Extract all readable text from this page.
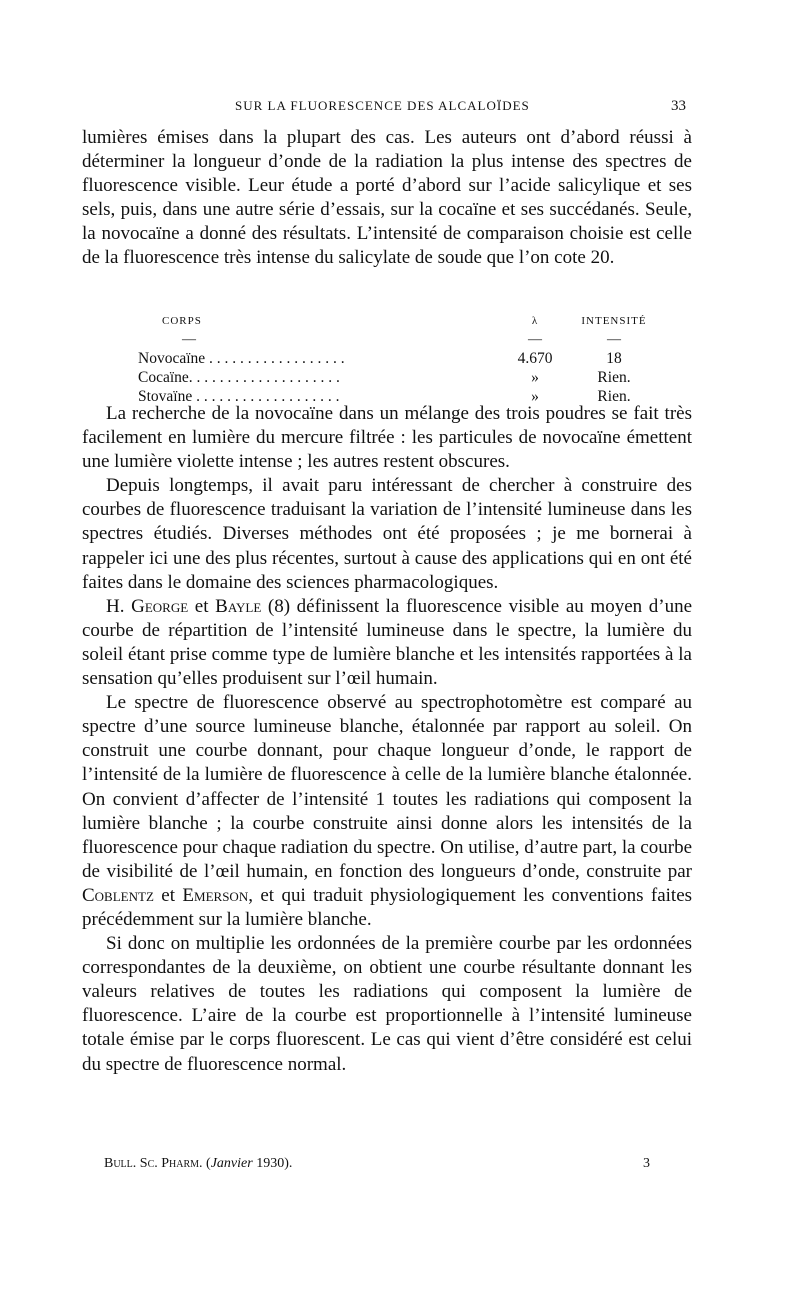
SUR LA FLUORESCENCE DES ALCALOÏDES	33

lumières émises dans la plupart des cas. Les auteurs ont d’abord réussi à déterminer la longueur d’onde de la radiation la plus intense des spectres de fluorescence visible. Leur étude a porté d’abord sur l’acide salicylique et ses sels, puis, dans une autre série d’essais, sur la cocaïne et ses succédanés. Seule, la novocaïne a donné des résultats. L’intensité de comparaison choisie est celle de la fluorescence très intense du salicylate de soude que l’on cote 20.

CORPS	λ	INTENSITÉ
—	—	—
Novocaïne . . . . . . . . . . . . . . . . . .	4.670	18
Cocaïne. . . . . . . . . . . . . . . . . . . .	»	Rien.
Stovaïne . . . . . . . . . . . . . . . . . . .	»	Rien.

La recherche de la novocaïne dans un mélange des trois poudres se fait très facilement en lumière du mercure filtrée : les particules de novocaïne émettent une lumière violette intense ; les autres restent obscures.

Depuis longtemps, il avait paru intéressant de chercher à construire des courbes de fluorescence traduisant la variation de l’intensité lumineuse dans les spectres étudiés. Diverses méthodes ont été proposées ; je me bornerai à rappeler ici une des plus récentes, surtout à cause des applications qui en ont été faites dans le domaine des sciences pharmacologiques.

H. George et Bayle (8) définissent la fluorescence visible au moyen d’une courbe de répartition de l’intensité lumineuse dans le spectre, la lumière du soleil étant prise comme type de lumière blanche et les intensités rapportées à la sensation qu’elles produisent sur l’œil humain.

Le spectre de fluorescence observé au spectrophotomètre est comparé au spectre d’une source lumineuse blanche, étalonnée par rapport au soleil. On construit une courbe donnant, pour chaque longueur d’onde, le rapport de l’intensité de la lumière de fluorescence à celle de la lumière blanche étalonnée. On convient d’affecter de l’intensité 1 toutes les radiations qui composent la lumière blanche ; la courbe construite ainsi donne alors les intensités de la fluorescence pour chaque radiation du spectre. On utilise, d’autre part, la courbe de visibilité de l’œil humain, en fonction des longueurs d’onde, construite par Coblentz et Emerson, et qui traduit physiologiquement les conventions faites précédemment sur la lumière blanche.

Si donc on multiplie les ordonnées de la première courbe par les ordonnées correspondantes de la deuxième, on obtient une courbe résultante donnant les valeurs relatives de toutes les radiations qui composent la lumière de fluorescence. L’aire de la courbe est proportionnelle à l’intensité lumineuse totale émise par le corps fluorescent. Le cas qui vient d’être considéré est celui du spectre de fluorescence normal.

Bull. Sc. Pharm. (Janvier 1930).	3
